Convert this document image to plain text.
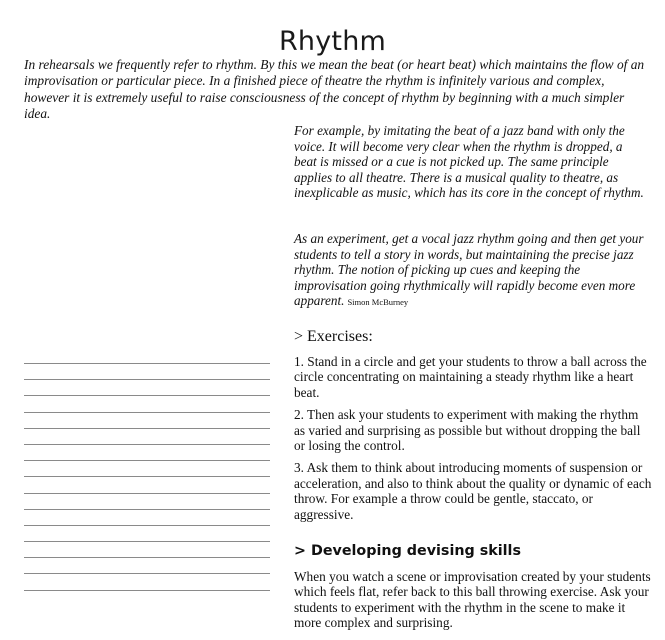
Rhythm

In rehearsals we frequently refer to rhythm. By this we mean the beat (or heart beat) which maintains the flow of an improvisation or particular piece. In a finished piece of theatre the rhythm is infinitely various and complex, however it is extremely useful to raise consciousness of the concept of rhythm by beginning with a much simpler idea.

For example, by imitating the beat of a jazz band with only the voice. It will become very clear when the rhythm is dropped, a beat is missed or a cue is not picked up. The same principle applies to all theatre. There is a musical quality to theatre, as inexplicable as music, which has its core in the concept of rhythm.

As an experiment, get a vocal jazz rhythm going and then get your students to tell a story in words, but maintaining the precise jazz rhythm. The notion of picking up cues and keeping the improvisation going rhythmically will rapidly become even more apparent. Simon McBurney

> Exercises:
1. Stand in a circle and get your students to throw a ball across the circle concentrating on maintaining a steady rhythm like a heart beat.
2. Then ask your students to experiment with making the rhythm as varied and surprising as possible but without dropping the ball or losing the control.
3. Ask them to think about introducing moments of suspension or acceleration, and also to think about the quality or dynamic of each throw. For example a throw could be gentle, staccato, or aggressive.
> Developing devising skills

When you watch a scene or improvisation created by your students which feels flat, refer back to this ball throwing exercise. Ask your students to experiment with the rhythm in the scene to make it more complex and surprising.
